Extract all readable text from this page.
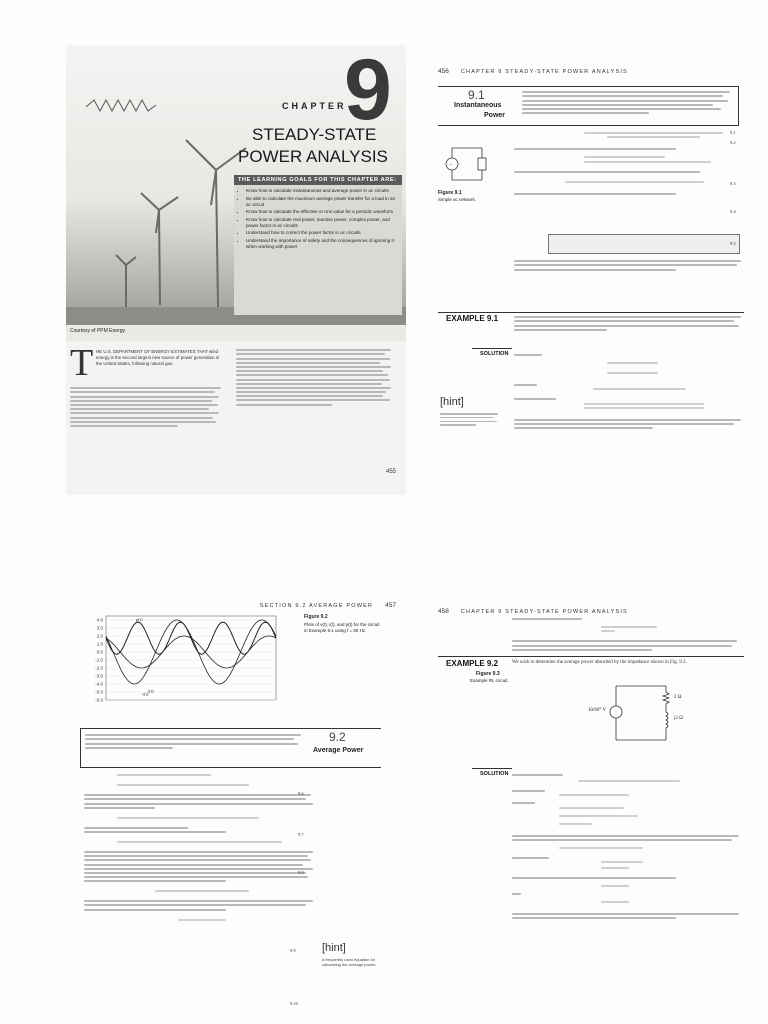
9
CHAPTER
STEADY-STATE
POWER ANALYSIS
THE LEARNING GOALS FOR THIS CHAPTER ARE:
• Know how to calculate instantaneous and average power in ac circuits
• Be able to calculate the maximum average power transfer for a load in an ac circuit
• Know how to calculate the effective or rms value for a periodic waveform
• Know how to calculate real power, reactive power, complex power, and power factor in ac circuits
• Understand how to correct the power factor in ac circuits
• Understand the importance of safety and the consequences of ignoring it when working with power
Courtesy of PPM Energy
T HE U.S. DEPARTMENT OF ENERGY ESTIMATES THAT wind energy is the second largest new source of power generation in the United States, following natural gas.
455
456 CHAPTER 9 STEADY-STATE POWER ANALYSIS
9.1
Instantaneous
Power
~
Figure 9.1
Simple ac network.
9.1
9.2
9.3
9.4
9.5
EXAMPLE 9.1
SOLUTION
[hint]
SECTION 9.2 AVERAGE POWER 457
4.0
3.0
2.0
1.0
0.0
-1.0
-2.0
-3.0
-4.0
-5.0
-6.0
p(t)
v(t)
i(t)
Figure 9.2
Plots of v(t), i(t), and p(t) for the circuit in Example 9.1 using f = 60 Hz.
9.2
Average Power
9.6
9.7
9.8
9.9
9.10
[hint]
A frequently used equation for calculating the average power.
458 CHAPTER 9 STEADY-STATE POWER ANALYSIS
EXAMPLE 9.2	We wish to determine the average power absorbed by the impedance shown in Fig. 9.3.
Figure 9.3
Example RL circuit.
2 Ω
j2 Ω
10/60° V
SOLUTION
